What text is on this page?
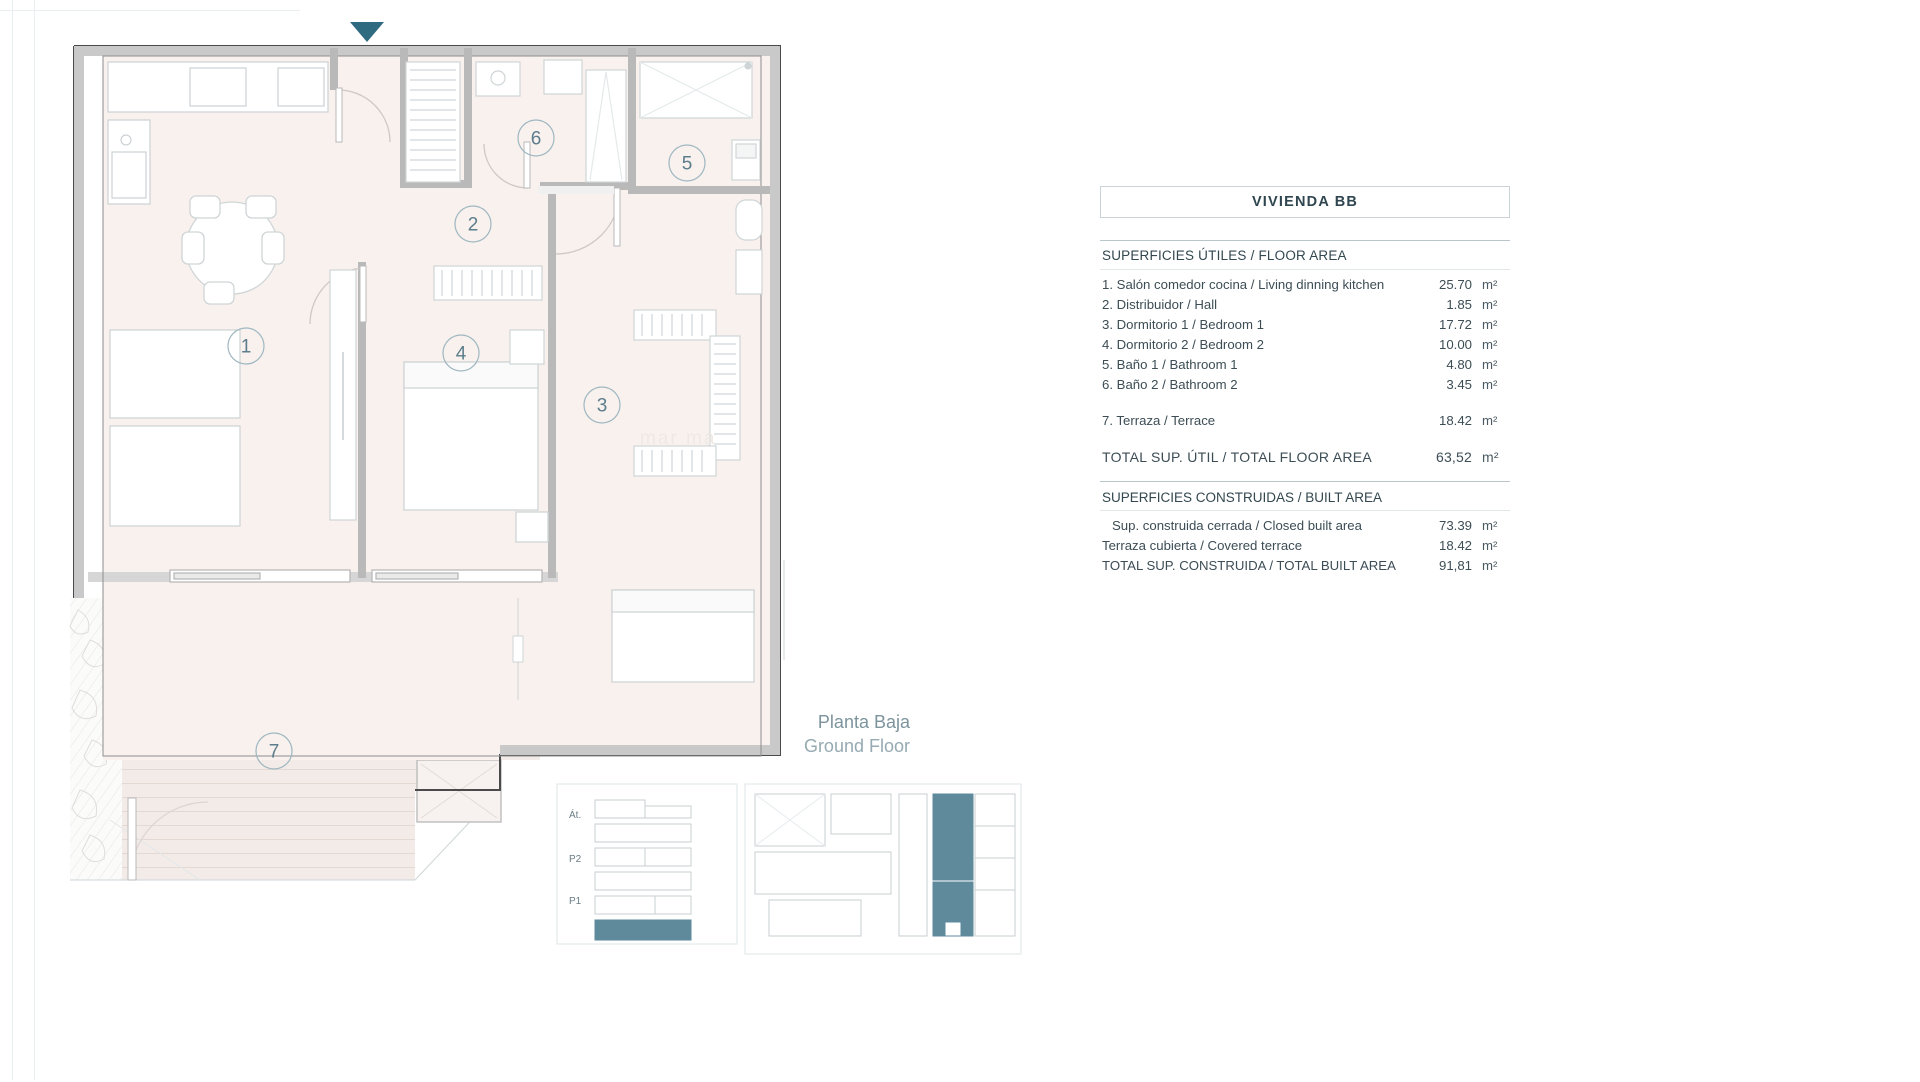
1
2
3
4
5
6
7
mar ma
Planta Baja
Ground Floor
VIVIENDA BB
SUPERFICIES ÚTILES / FLOOR AREA
1. Salón comedor cocina / Living dinning kitchen	25.70 m²
2. Distribuidor / Hall	1.85 m²
3. Dormitorio 1 / Bedroom 1	17.72 m²
4. Dormitorio 2 / Bedroom 2	10.00 m²
5. Baño 1 / Bathroom 1	4.80 m²
6. Baño 2 / Bathroom 2	3.45 m²
7. Terraza / Terrace	18.42 m²
TOTAL SUP. ÚTIL / TOTAL FLOOR AREA	63,52 m²
SUPERFICIES CONSTRUIDAS / BUILT AREA
Sup. construida cerrada / Closed built area	73.39 m²
Terraza cubierta / Covered terrace	18.42 m²
TOTAL SUP. CONSTRUIDA / TOTAL BUILT AREA	91,81 m²
Át.
P2
P1
